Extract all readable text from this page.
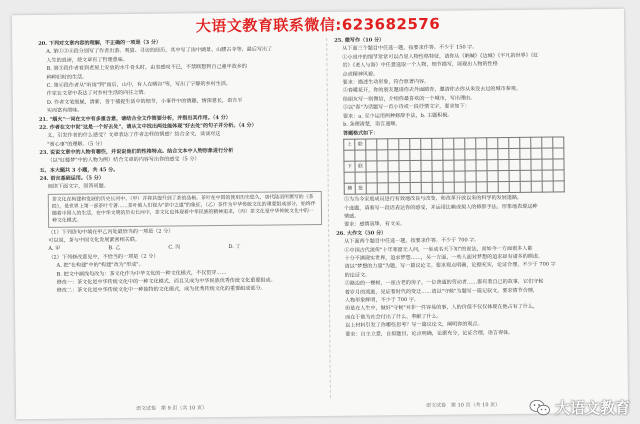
大语文教育联系微信:623682576

20. 下列对文章内容的理解，不正确的一项是（3 分）

A. 第①③④段分别写了作者出游、观猎、寻访的经历，其中写了雨中湖景、山腰古寺等，最后写出了

人生的真谛，使文章有了哲理意味。

B. 第⑤段作者看到老屋上安放的水牛骨头时，由衷感叹不已，不禁联想到自己童年故乡的

种种旧时的生活。

C. 第⑥段作者从"听雨"到"雨后，山中，有人在晒谷"等，写出了宁静的乡村生活。

作家在文章中表达了对乡村生活的向往之情。

D. 作者文笔细腻，清新，善于捕捉生活中的细节，小事件中的情趣，情深意长，语言平

实而富有韵味。

21. "烟火"一词在文中有多重含意，请结合全文作简要分析，并指出其作用。（4 分）

22. 作者在文中说"这是一个好去处"，请从文中找出两处能体现"好去处"的句子并分析。（4 分）

义，引发作者的什么感受？文章表达了作者怎样的情感？结合全文，谈谈对这

"赏心事"的理解。（5 分）

23. 说说文章中的人物有哪些，并说说他们的性格特点。结合文本中人物形象进行分析

（以"红楼梦"中的人物为例）结合文章的内容写出你的感受（5 分）

五、本大题共 3 小题，共 45 分。

24. 语言基础运用。（5 分）

阅读下面文字，回答问题。

茶文化在构建和发展的历史长河中，（甲）并将其提升到了茶的品格。茶叶在中国的使用历史悠久，唐代陆羽所撰写的《茶经》，是世界上第一部茶叶专著……茶叶被人们视为"茶中之道"的象征，（乙）茶作为中华传统文化的重要组成部分，始终伴随着中国人的生活，在中华文明的历史长河中，茶文化也体现着中华民族的精神追求，（丙）茶文化是中华传统文化中的一种文化模式。

（1）下列语句中填在甲乙丙处最恰当的一项是（2 分）

可以说，茶与中国文化发展紧密相关联。

A. 甲	B. 乙	C. 丙	D. 丁

（2）下列修改意见中，不恰当的一项是（2 分）

A. 把"在构建"中的"构建"改为"形成"。

B. 把文中画线句改为：茶文化作为中华文化的一种文化模式，不仅贯穿……

修改一：茶文化是中华传统文化中的一种文化模式，而且又成为中华民族优秀传统文化重要组成。

修改二：茶文化是中华传统文化中一种独特的文化模式，成为优秀传统文化的重要组成部分。

25. 微写作（10 分）

从下面三个题目中任选一题，按要求作答。不少于 150 字。

①小说中的细节常常可以凸显人物性格特征，请你从《呐喊》《边城》《平凡的世界》《红

岩》《老人与海》中任意选取一个人物，细节描写，展现出人物的性格

点或精神风貌。

要求：描述生动形象，符合原著内容。

②春暖花开，你的朋友邀请你去外面踏青，邀请你去你从来没去过的城市参观。

给朋友写一则微信，介绍你最喜欢的一个城市，写出理由。

③以"春"为话题写一首小诗或一段抒情文字，要求如下：

要求：a. 至少运用两种修辞手法，b. 主题积极。

b. 条理清楚，语言通顺。

答题格式如下：
上	联																		

下	联																		

横	批																		

③为当今家庭成员进行有效地改良与改变，和改革开放以来的科学的发展道路，

个选题，请着写一段话表达你的感受，并运用比喻或拟人的修辞手法，形象地表现这种

情感。

要求：感情真挚，有文采。

26. 大作文（50 分）

从下面两个题目中任选一题，按要求作答。不少于 700 字。

①中国古代流传"十年寒窗无人问，一举成名天下知"的说法，而如今一方面很多人都

十分不满现实世界，追求梦想……，另一方面，一些人面对梦想的追求却有诸多的顾虑。

请以"梦想的力量"为题，写一篇议论文。要求观点明确，论据充实，论证合理，不少于 700 字

的论证文。

②路边的一棵树，一座古老的房子，一位普通的劳动者……都有着自己的故事，它们守候

着岁月的流逝，见证着时代的变迁……请以"守候"为题写一篇记叙文，要求情节合理，

人物形象鲜明，不少于 700 字。

但是在人生中，做好"守候"并非一件容易的事，人的价值不仅仅体现在他占有了什么，

而在于他为社会付出了什么，奉献了什么。

以上材料引发了你哪些思考？写一篇议论文，阐明你的观点。

要求：自主立意，自拟题目，论点明确，论据充分，论证合理，语言得体。

语文试卷　第 9 页（共 10 页）	语文试卷　第 10 页（共 10 页）	大语文教育
